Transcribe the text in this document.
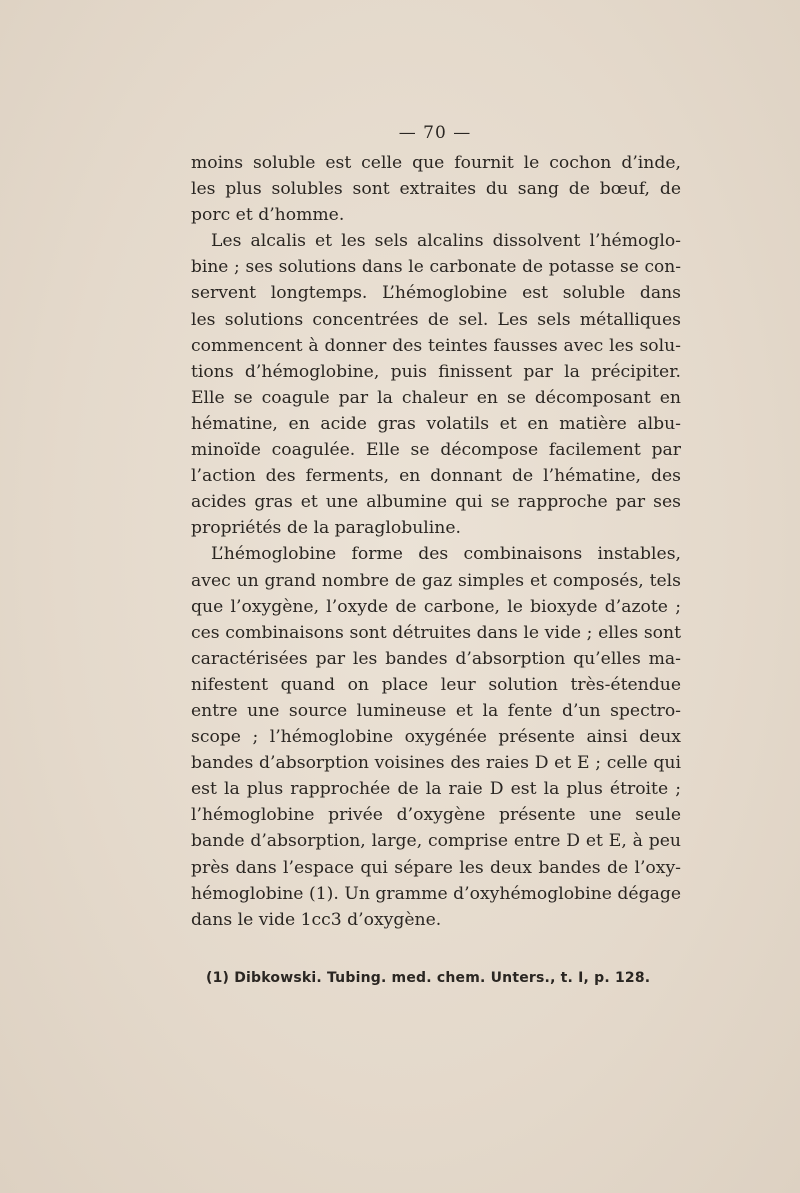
— 70 —

moins soluble est celle que fournit le cochon d’inde,
les plus solubles sont extraites du sang de bœuf, de
porc et d’homme.

Les alcalis et les sels alcalins dissolvent l’hémoglo-
bine ; ses solutions dans le carbonate de potasse se con-
servent longtemps. L’hémoglobine est soluble dans
les solutions concentrées de sel. Les sels métalliques
commencent à donner des teintes fausses avec les solu-
tions d’hémoglobine, puis finissent par la précipiter.
Elle se coagule par la chaleur en se décomposant en
hématine, en acide gras volatils et en matière albu-
minoïde coagulée. Elle se décompose facilement par
l’action des ferments, en donnant de l’hématine, des
acides gras et une albumine qui se rapproche par ses
propriétés de la paraglobuline.

L’hémoglobine forme des combinaisons instables,
avec un grand nombre de gaz simples et composés, tels
que l’oxygène, l’oxyde de carbone, le bioxyde d’azote ;
ces combinaisons sont détruites dans le vide ; elles sont
caractérisées par les bandes d’absorption qu’elles ma-
nifestent quand on place leur solution très-étendue
entre une source lumineuse et la fente d’un spectro-
scope ; l’hémoglobine oxygénée présente ainsi deux
bandes d’absorption voisines des raies D et E ; celle qui
est la plus rapprochée de la raie D est la plus étroite ;
l’hémoglobine privée d’oxygène présente une seule
bande d’absorption, large, comprise entre D et E, à peu
près dans l’espace qui sépare les deux bandes de l’oxy-
hémoglobine (1). Un gramme d’oxyhémoglobine dégage
dans le vide 1cc3 d’oxygène.

(1) Dibkowski. Tubing. med. chem. Unters., t. I, p. 128.
